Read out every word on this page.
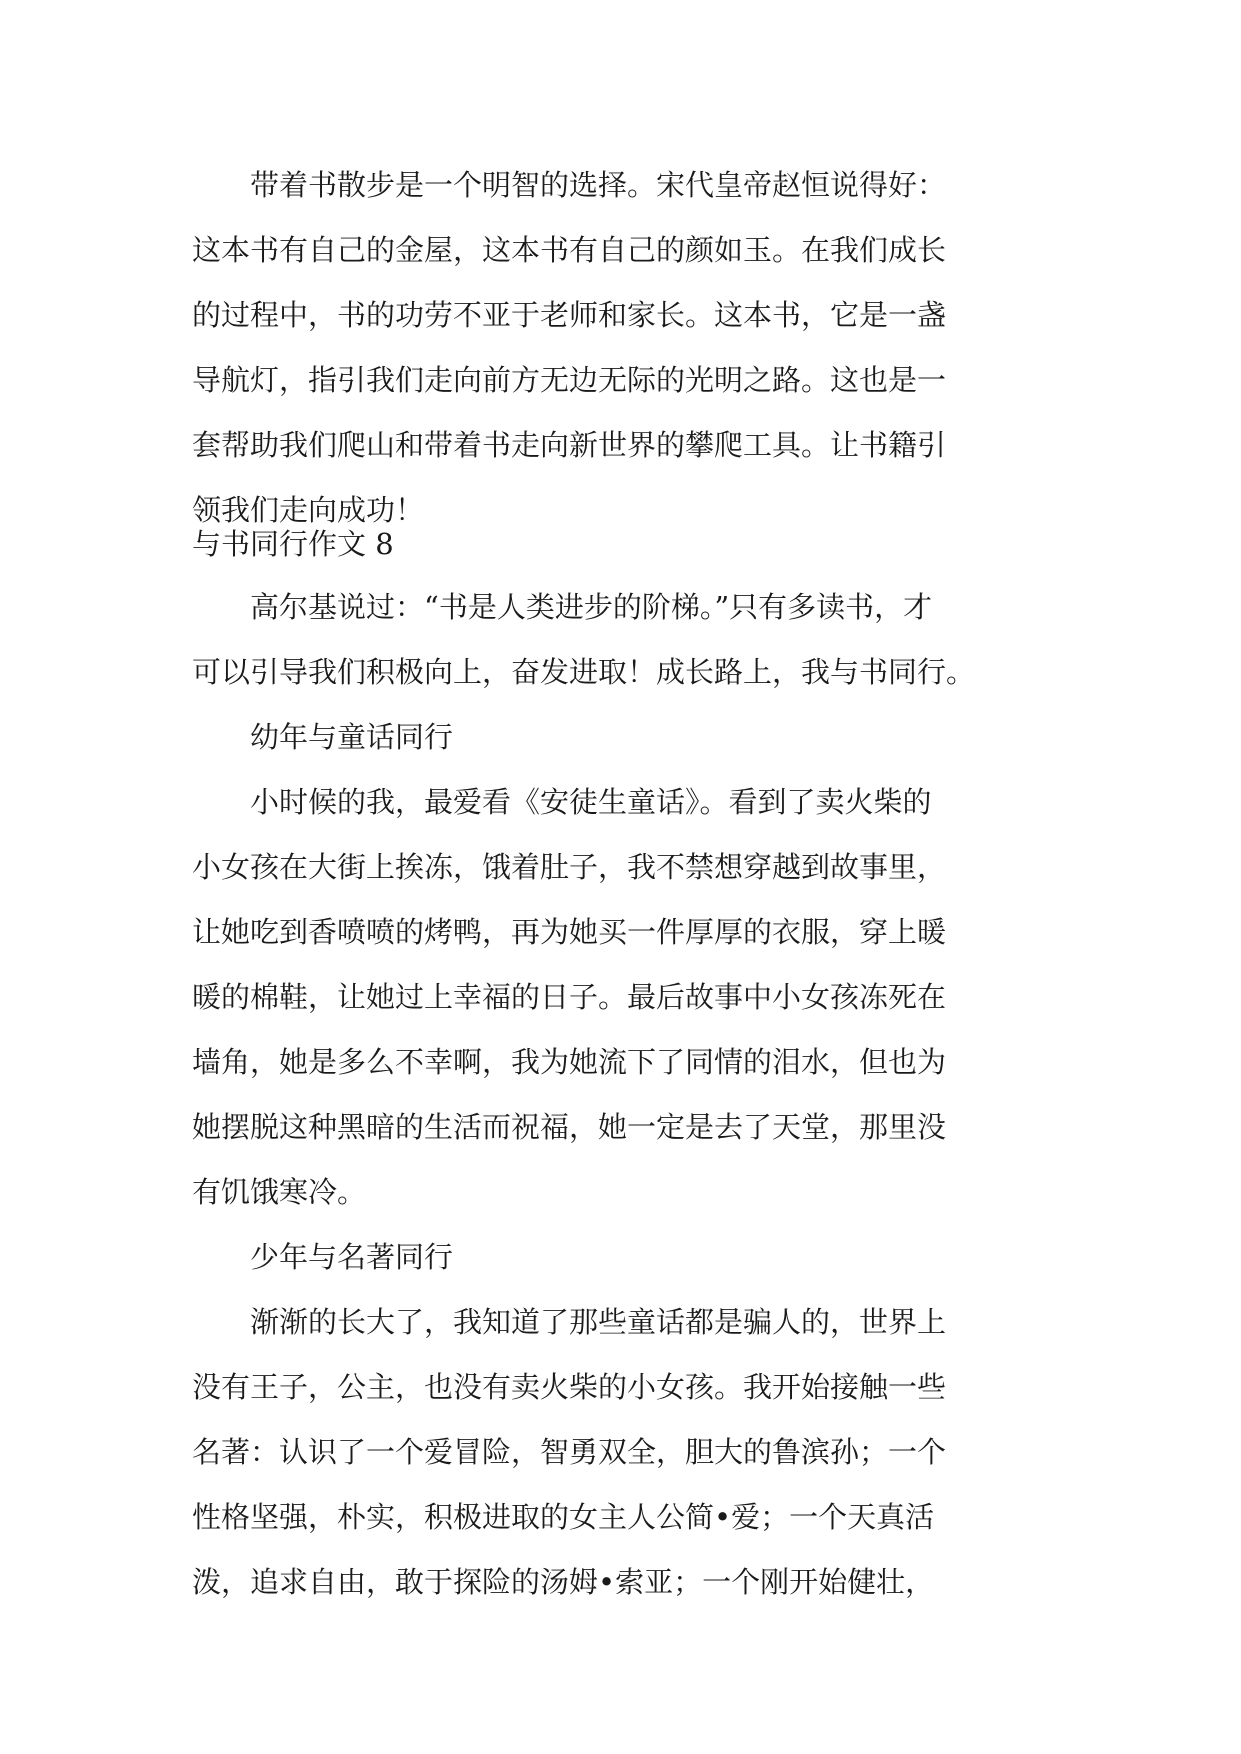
　　带着书散步是一个明智的选择。宋代皇帝赵恒说得好：
这本书有自己的金屋，这本书有自己的颜如玉。在我们成长
的过程中，书的功劳不亚于老师和家长。这本书，它是一盏
导航灯，指引我们走向前方无边无际的光明之路。这也是一
套帮助我们爬山和带着书走向新世界的攀爬工具。让书籍引
领我们走向成功！
与书同行作文 8
　　高尔基说过：“书是人类进步的阶梯。”只有多读书，才
可以引导我们积极向上，奋发进取！成长路上，我与书同行。
　　幼年与童话同行
　　小时候的我，最爱看《安徒生童话》。看到了卖火柴的
小女孩在大街上挨冻，饿着肚子，我不禁想穿越到故事里，
让她吃到香喷喷的烤鸭，再为她买一件厚厚的衣服，穿上暖
暖的棉鞋，让她过上幸福的日子。最后故事中小女孩冻死在
墙角，她是多么不幸啊，我为她流下了同情的泪水，但也为
她摆脱这种黑暗的生活而祝福，她一定是去了天堂，那里没
有饥饿寒冷。
　　少年与名著同行
　　渐渐的长大了，我知道了那些童话都是骗人的，世界上
没有王子，公主，也没有卖火柴的小女孩。我开始接触一些
名著：认识了一个爱冒险，智勇双全，胆大的鲁滨孙；一个
性格坚强，朴实，积极进取的女主人公简•爱；一个天真活
泼，追求自由，敢于探险的汤姆•索亚；一个刚开始健壮，
